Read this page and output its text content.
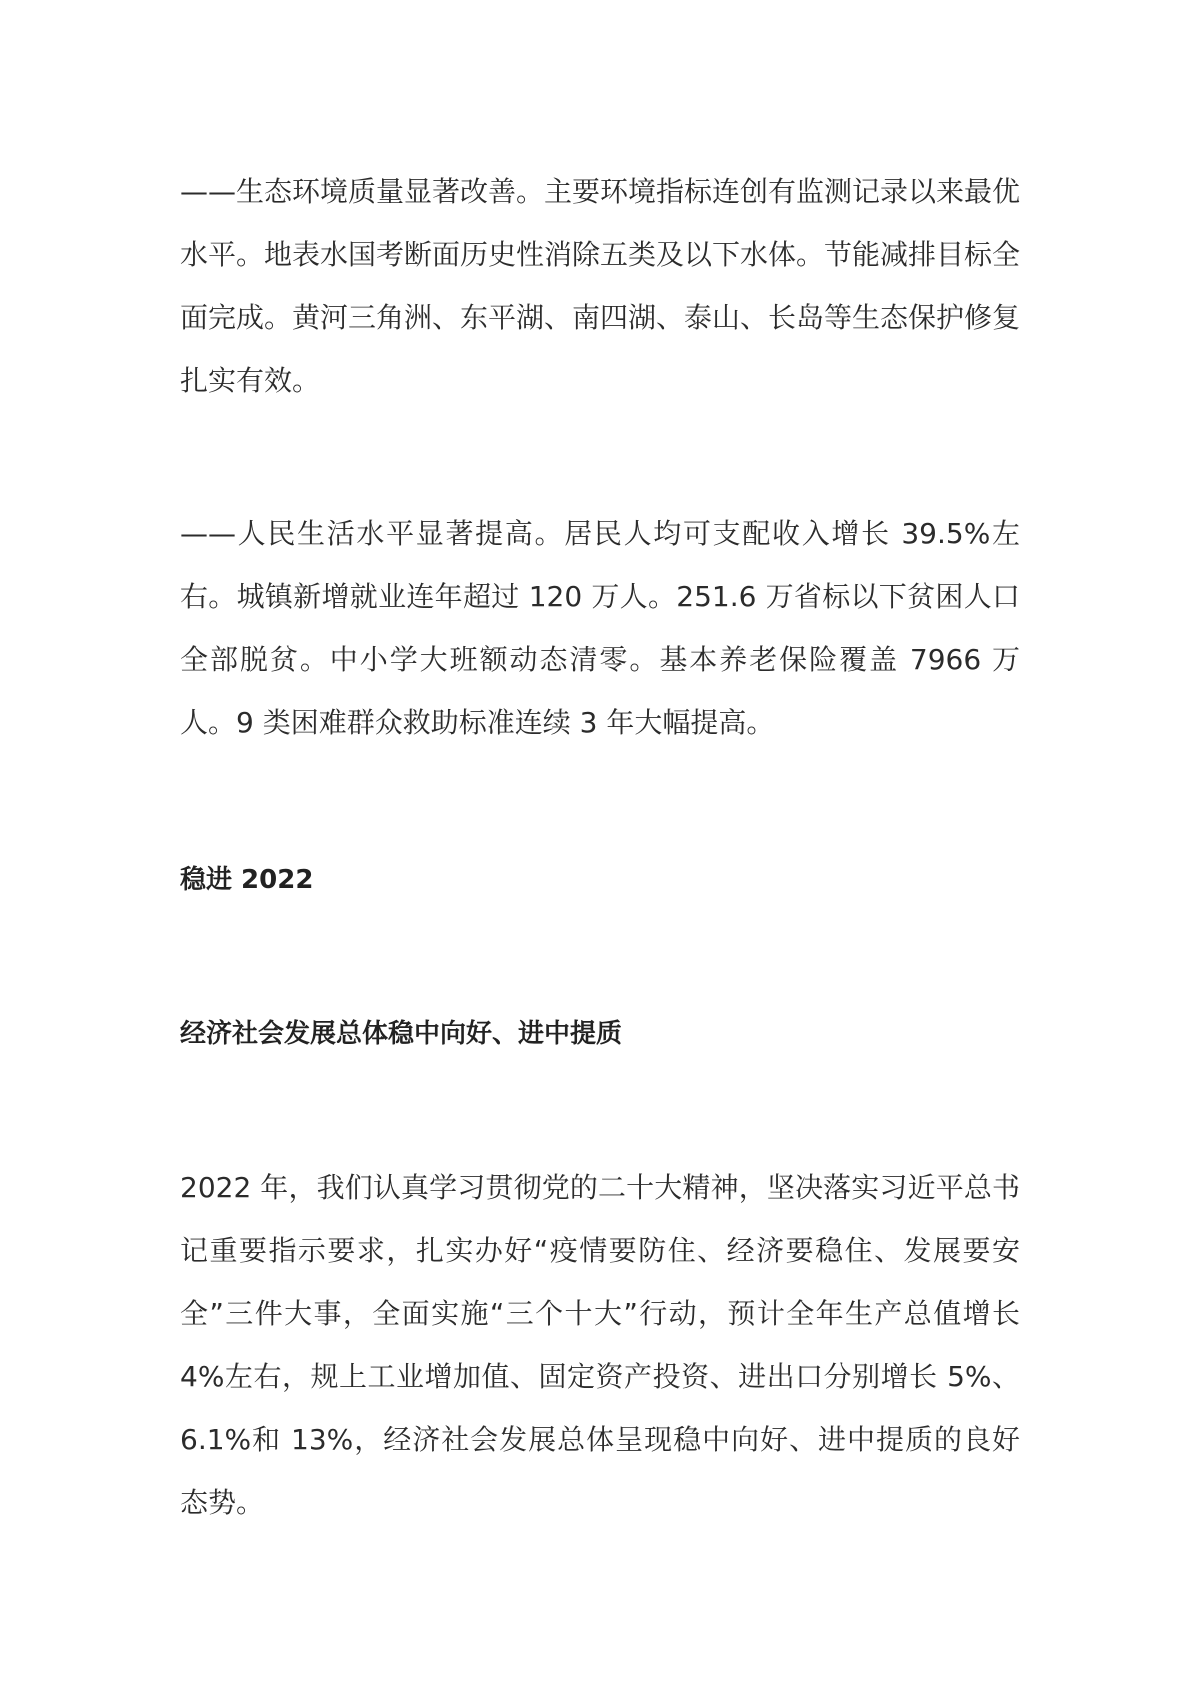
——生态环境质量显著改善。主要环境指标连创有监测记录以来最优水平。地表水国考断面历史性消除五类及以下水体。节能减排目标全面完成。黄河三角洲、东平湖、南四湖、泰山、长岛等生态保护修复扎实有效。

——人民生活水平显著提高。居民人均可支配收入增长 39.5%左右。城镇新增就业连年超过 120 万人。251.6 万省标以下贫困人口全部脱贫。中小学大班额动态清零。基本养老保险覆盖 7966 万人。9 类困难群众救助标准连续 3 年大幅提高。

稳进 2022
经济社会发展总体稳中向好、进中提质

2022 年，我们认真学习贯彻党的二十大精神，坚决落实习近平总书记重要指示要求，扎实办好“疫情要防住、经济要稳住、发展要安全”三件大事，全面实施“三个十大”行动，预计全年生产总值增长 4%左右，规上工业增加值、固定资产投资、进出口分别增长 5%、6.1%和 13%，经济社会发展总体呈现稳中向好、进中提质的良好态势。
